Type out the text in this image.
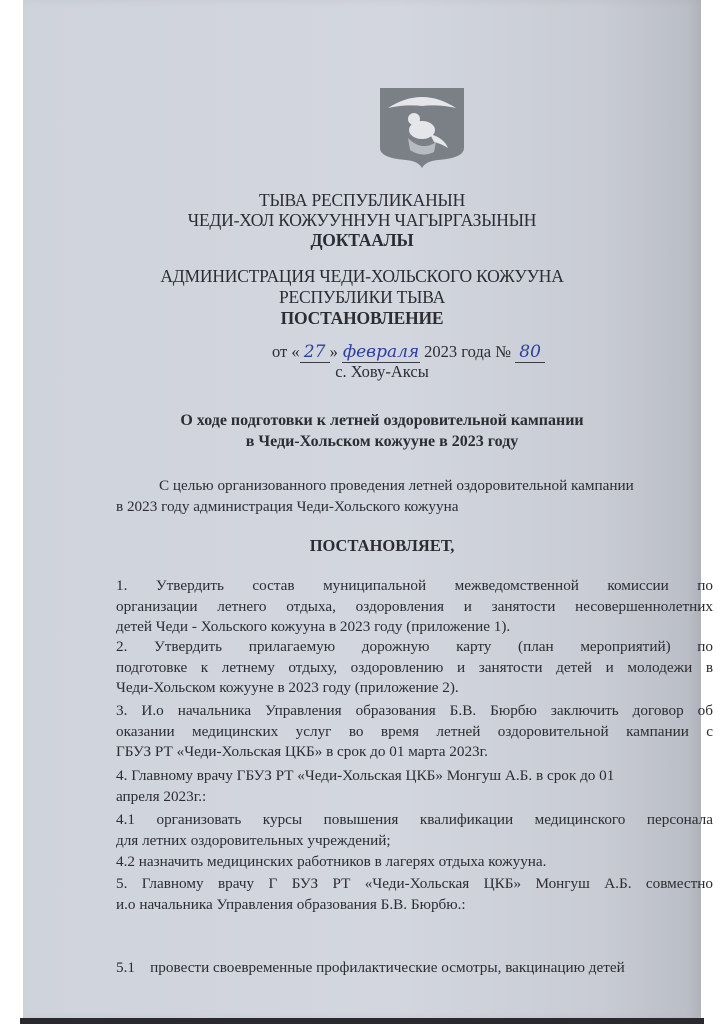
ТЫВА РЕСПУБЛИКАНЫН
ЧЕДИ-ХОЛ КОЖУУННУН ЧАГЫРГАЗЫНЫН
ДОКТААЛЫ
АДМИНИСТРАЦИЯ ЧЕДИ-ХОЛЬСКОГО КОЖУУНА
РЕСПУБЛИКИ ТЫВА
ПОСТАНОВЛЕНИЕ
от « 27 » февраля 2023 года № 80
с. Хову-Аксы
О ходе подготовки к летней оздоровительной кампании
в Чеди-Хольском кожууне в 2023 году
С целью организованного проведения летней оздоровительной кампании
в 2023 году администрация Чеди-Хольского кожууна
ПОСТАНОВЛЯЕТ,
1. Утвердить состав муниципальной межведомственной комиссии по
организации летнего отдыха, оздоровления и занятости несовершеннолетних
детей Чеди - Хольского кожууна в 2023 году (приложение 1).
2. Утвердить прилагаемую дорожную карту (план мероприятий) по
подготовке к летнему отдыху, оздоровлению и занятости детей и молодежи в
Чеди-Хольском кожууне в 2023 году (приложение 2).
3. И.о начальника Управления образования Б.В. Бюрбю заключить договор об
оказании медицинских услуг во время летней оздоровительной кампании с
ГБУЗ РТ «Чеди-Хольская ЦКБ» в срок до 01 марта 2023г.
4. Главному врачу ГБУЗ РТ «Чеди-Хольская ЦКБ» Монгуш А.Б. в срок до 01
апреля 2023г.:
4.1 организовать курсы повышения квалификации медицинского персонала
для летних оздоровительных учреждений;
4.2 назначить медицинских работников в лагерях отдыха кожууна.
5. Главному врачу Г БУЗ РТ «Чеди-Хольская ЦКБ» Монгуш А.Б. совместно
и.о начальника Управления образования Б.В. Бюрбю.:

5.1    провести своевременные профилактические осмотры, вакцинацию детей
